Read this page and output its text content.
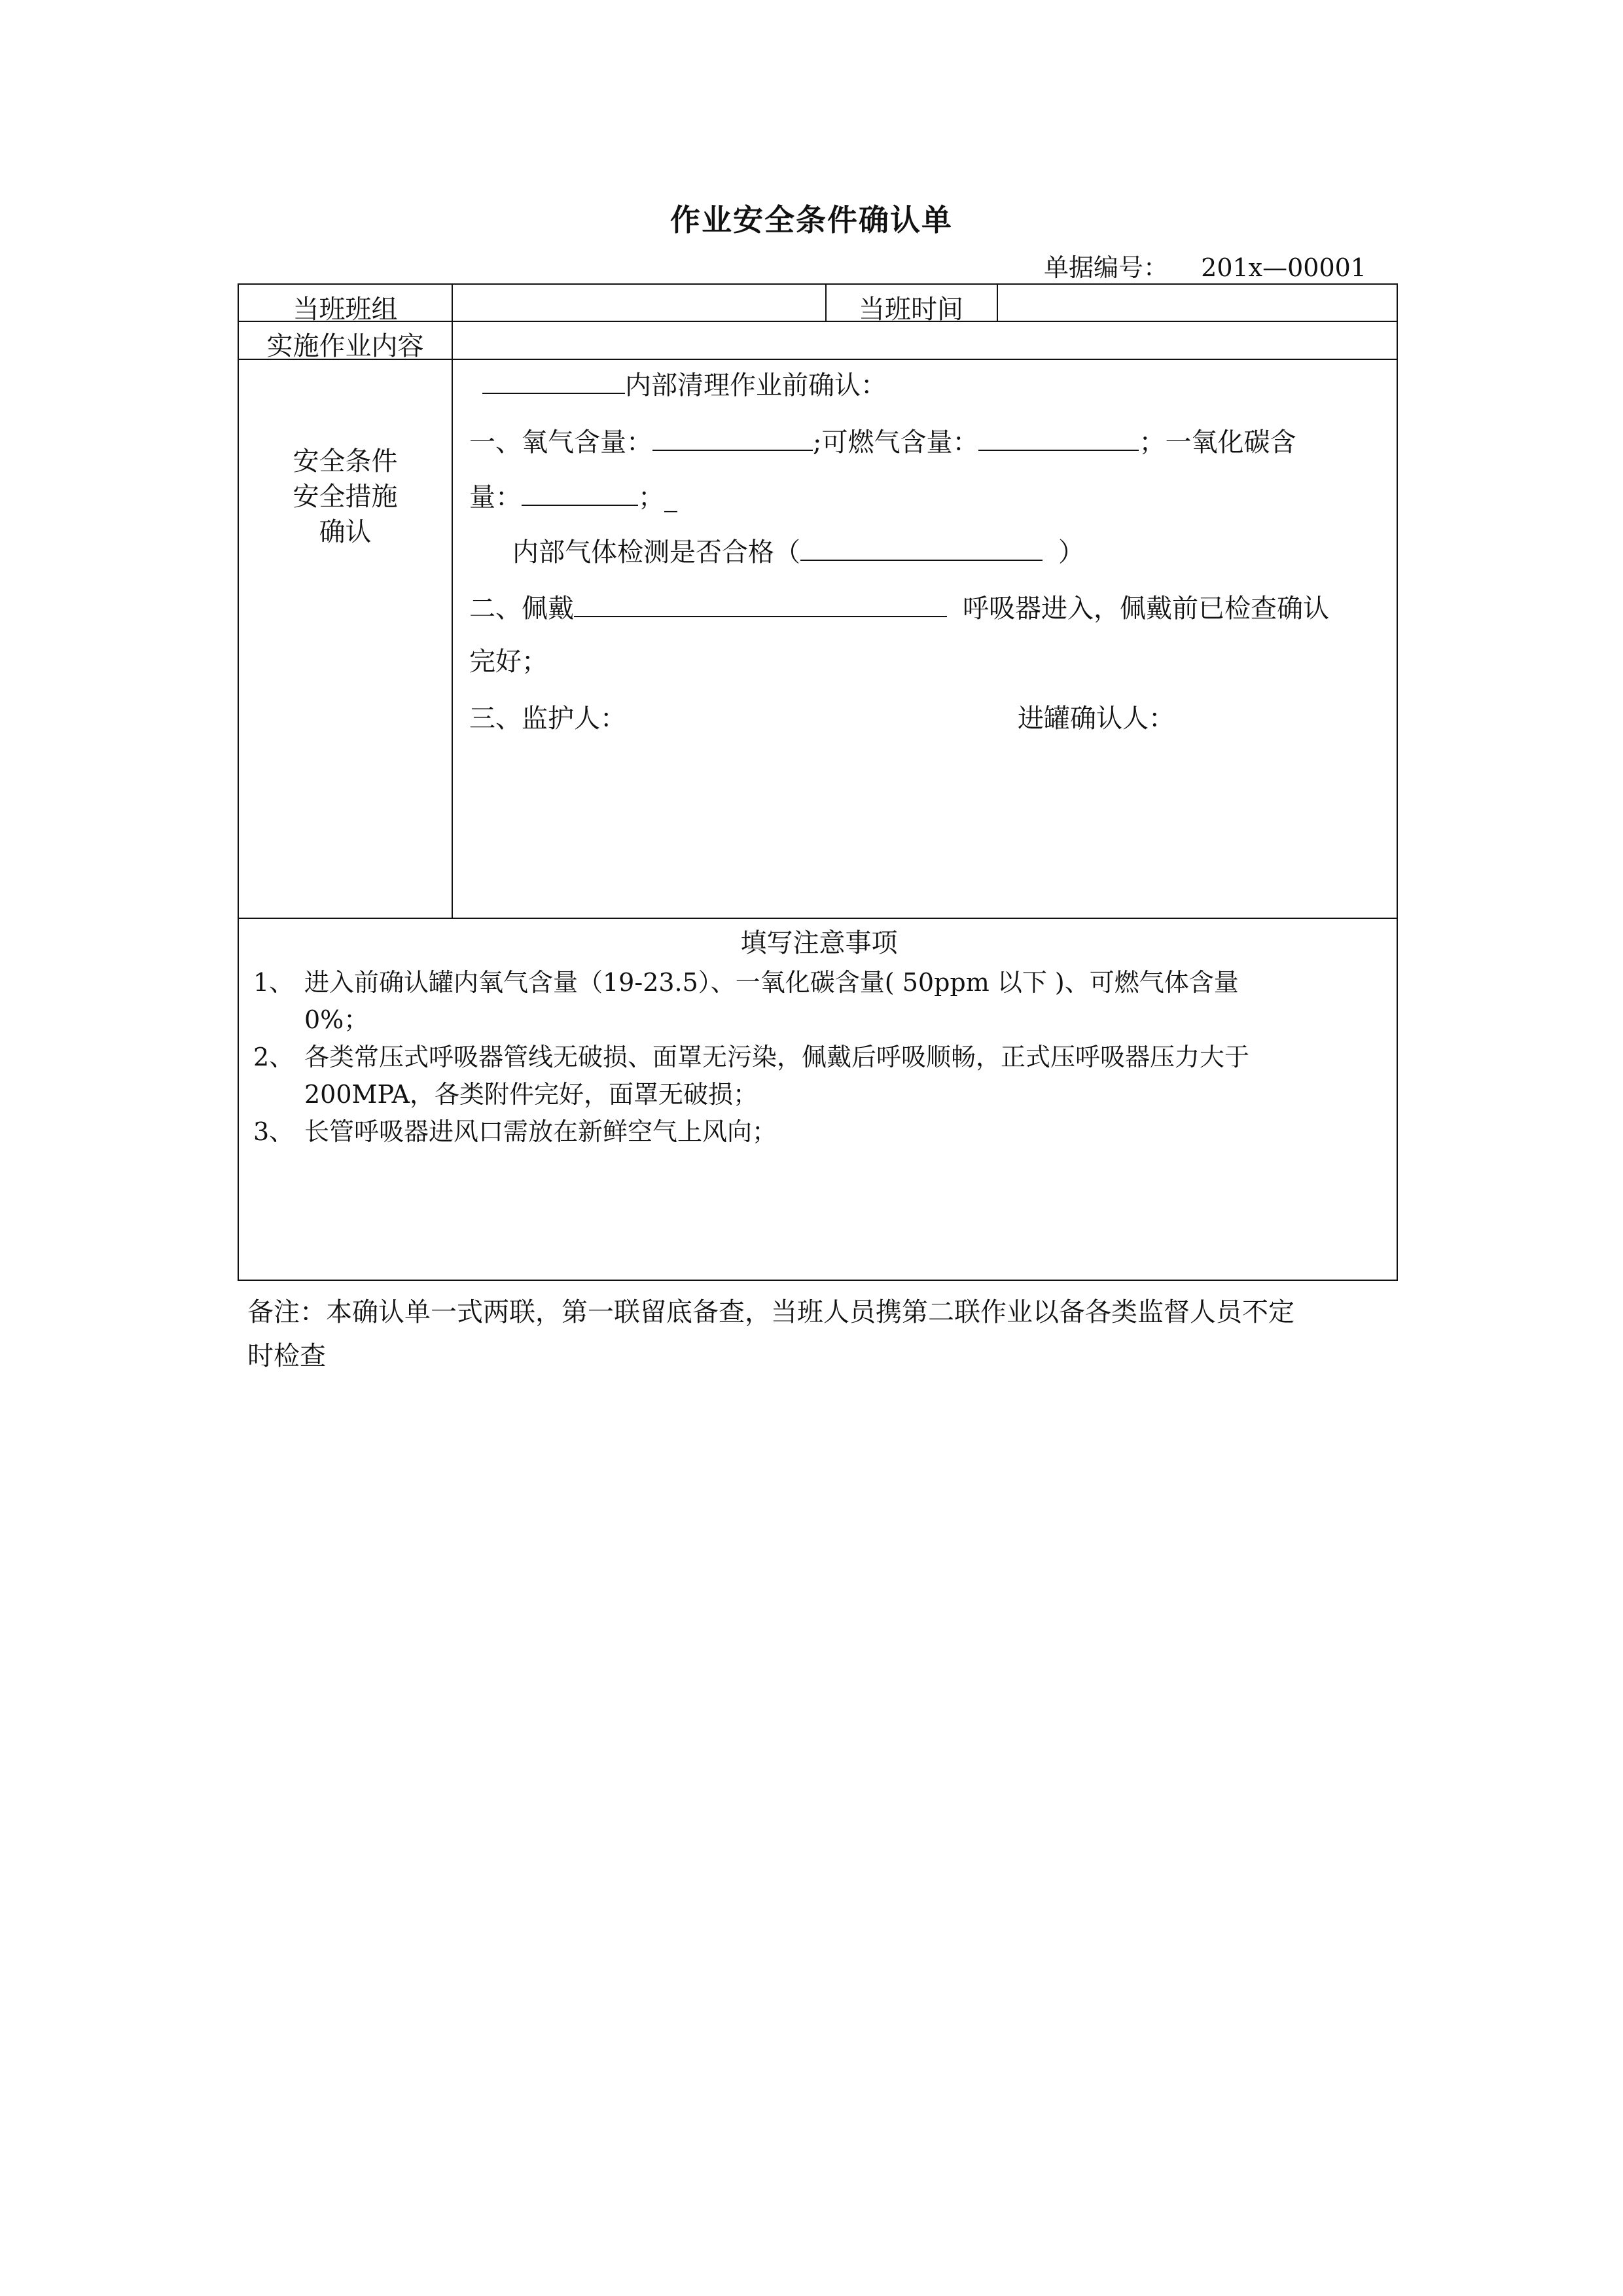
作业安全条件确认单
单据编号： 201x—00001
当班班组	当班时间
实施作业内容
安全条件
安全措施
确认
内部清理作业前确认：
一、氧气含量：	;可燃气含量：	；一氧化碳含
量：	；_
内部气体检测是否合格（	）
二、佩戴	呼吸器进入，佩戴前已检查确认
完好；
三、监护人：	进罐确认人：
填写注意事项
1、 进入前确认罐内氧气含量（19-23.5）、一氧化碳含量( 50ppm 以下 )、可燃气体含量
0%；
2、 各类常压式呼吸器管线无破损、面罩无污染，佩戴后呼吸顺畅，正式压呼吸器压力大于
200MPA，各类附件完好，面罩无破损；
3、 长管呼吸器进风口需放在新鲜空气上风向；
备注：本确认单一式两联，第一联留底备查，当班人员携第二联作业以备各类监督人员不定
时检查
